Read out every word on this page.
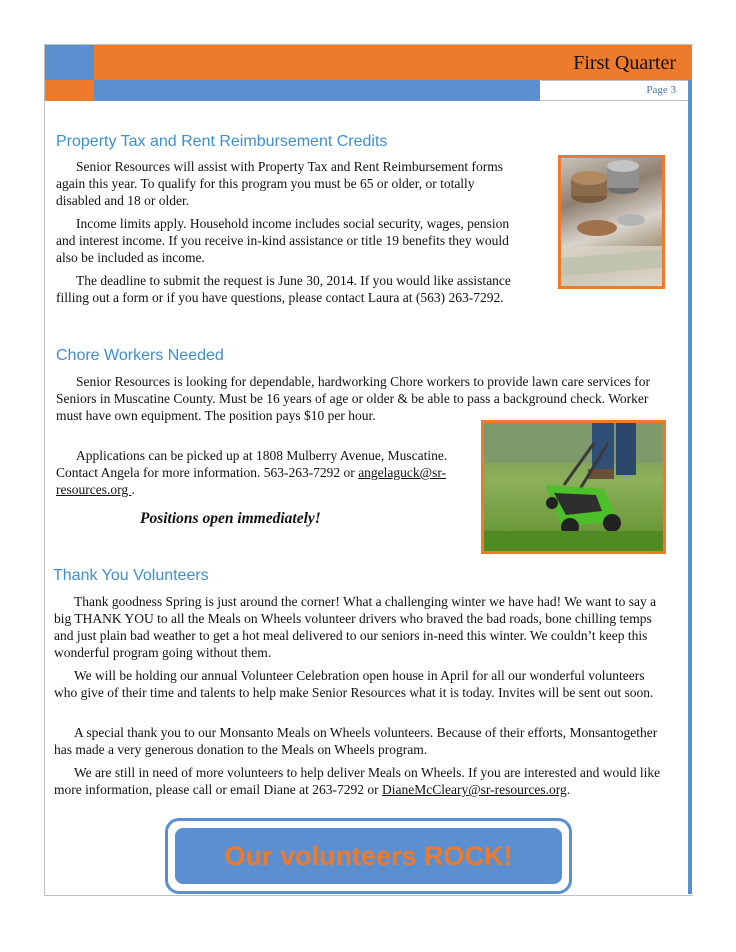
First Quarter
Page 3
Property Tax and Rent Reimbursement Credits

Senior Resources will assist with Property Tax and Rent Reimbursement forms again this year. To qualify for this program you must be 65 or older, or totally disabled and 18 or older.

Income limits apply. Household income includes social security, wages, pension and interest income. If you receive in-kind assistance or title 19 benefits they would also be included as income.

The deadline to submit the request is June 30, 2014. If you would like assistance filling out a form or if you have questions, please contact Laura at (563) 263-7292.

Chore Workers Needed

Senior Resources is looking for dependable, hardworking Chore workers to provide lawn care services for Seniors in Muscatine County. Must be 16 years of age or older & be able to pass a background check. Worker must have own equipment. The position pays $10 per hour.

Applications can be picked up at 1808 Mulberry Avenue, Muscatine. Contact Angela for more information. 563-263-7292 or angelaguck@sr-resources.org .

Positions open immediately!
Thank You Volunteers

Thank goodness Spring is just around the corner! What a challenging winter we have had! We want to say a big THANK YOU to all the Meals on Wheels volunteer drivers who braved the bad roads, bone chilling temps and just plain bad weather to get a hot meal delivered to our seniors in-need this winter. We couldn’t keep this wonderful program going without them.

We will be holding our annual Volunteer Celebration open house in April for all our wonderful volunteers who give of their time and talents to help make Senior Resources what it is today. Invites will be sent out soon.

A special thank you to our Monsanto Meals on Wheels volunteers. Because of their efforts, Monsantogether has made a very generous donation to the Meals on Wheels program.

We are still in need of more volunteers to help deliver Meals on Wheels. If you are interested and would like more information, please call or email Diane at 263-7292 or DianeMcCleary@sr-resources.org.

Our volunteers ROCK!
